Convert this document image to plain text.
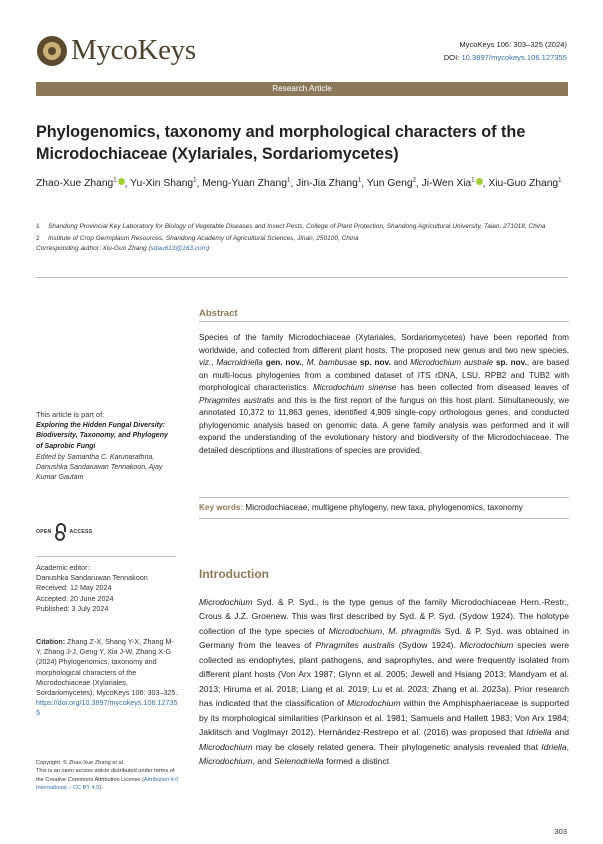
MycoKeys	MycoKeys 106: 303–325 (2024)
DOI: 10.3897/mycokeys.106.127355
Research Article
Phylogenomics, taxonomy and morphological characters of the Microdochiaceae (Xylariales, Sordariomycetes)
Zhao-Xue Zhang$^1$ , Yu-Xin Shang$^1$, Meng-Yuan Zhang$^1$, Jin-Jia Zhang$^1$, Yun Geng$^2$, Ji-Wen Xia$^1$ , Xiu-Guo Zhang$^1$
1	Shandong Provincial Key Laboratory for Biology of Vegetable Diseases and Insect Pests, College of Plant Protection, Shandong Agricultural University, Taian, 271018, China
2	Institute of Crop Germplasm Resources, Shandong Academy of Agricultural Sciences, Jinan, 250100, China
Corresponding author: Xiu-Guo Zhang (sdau613@163.com)
This article is part of:
Exploring the Hidden Fungal Diversity: Biodiversity, Taxonomy, and Phylogeny of Saprobic Fungi
Edited by Samantha C. Karunarathna, Danushka Sandaruwan Tennakoon, Ajay Kumar Gautam
OPEN	ACCESS
Academic editor:
Danushka Sandaruwan Tennakoon
Received: 12 May 2024
Accepted: 20 June 2024
Published: 3 July 2024
Citation: Zhang Z-X, Shang Y-X, Zhang M-Y, Zhang J-J, Geng Y, Xia J-W, Zhang X-G (2024) Phylogenomics, taxonomy and morphological characters of the Microdochiaceae (Xylariales, Sordariomycetes). MycoKeys 106: 303–325. https://doi.org/10.3897/mycokeys.106.127355
Copyright: © Zhao-Xue Zhang et al.
This is an open access article distributed under terms of the Creative Commons Attribution License (Attribution 4.0 International – CC BY 4.0).
Abstract
Species of the family Microdochiaceae (Xylariales, Sordariomycetes) have been reported from worldwide, and collected from different plant hosts. The proposed new genus and two new species, viz., Macroidriella gen. nov., M. bambusae sp. nov. and Microdochium australe sp. nov., are based on multi-locus phylogenies from a combined dataset of ITS rDNA, LSU, RPB2 and TUB2 with morphological characteristics. Microdochium sinense has been collected from diseased leaves of Phragmites australis and this is the first report of the fungus on this host plant. Simultaneously, we annotated 10,372 to 11,863 genes, identified 4,909 single-copy orthologous genes, and conducted phylogenomic analysis based on genomic data. A gene family analysis was performed and it will expand the understanding of the evolutionary history and biodiversity of the Microdochiaceae. The detailed descriptions and illustrations of species are provided.
Key words: Microdochiaceae, multigene phylogeny, new taxa, phylogenomics, taxonomy
Introduction
Microdochium Syd. & P. Syd., is the type genus of the family Microdochiaceae Hern.-Restr., Crous & J.Z. Groenew. This was first described by Syd. & P. Syd. (Sydow 1924). The holotype collection of the type species of Microdochium, M. phragmitis Syd. & P. Syd. was obtained in Germany from the leaves of Phragmites australis (Sydow 1924). Microdochium species were collected as endophytes, plant pathogens, and saprophytes, and were frequently isolated from different plant hosts (Von Arx 1987; Glynn et al. 2005; Jewell and Hsiang 2013; Mandyam et al. 2013; Hiruma et al. 2018; Liang et al. 2019; Lu et al. 2023; Zhang et al. 2023a). Prior research has indicated that the classification of Microdochium within the Amphisphaeriaceae is supported by its morphological similarities (Parkinson et al. 1981; Samuels and Hallett 1983; Von Arx 1984; Jaklitsch and Voglmayr 2012). Hernández-Restrepo et al. (2016) was proposed that Idriella and Microdochium may be closely related genera. Their phylogenetic analysis revealed that Idriella, Microdochium, and Selenodriella formed a distinct
303
